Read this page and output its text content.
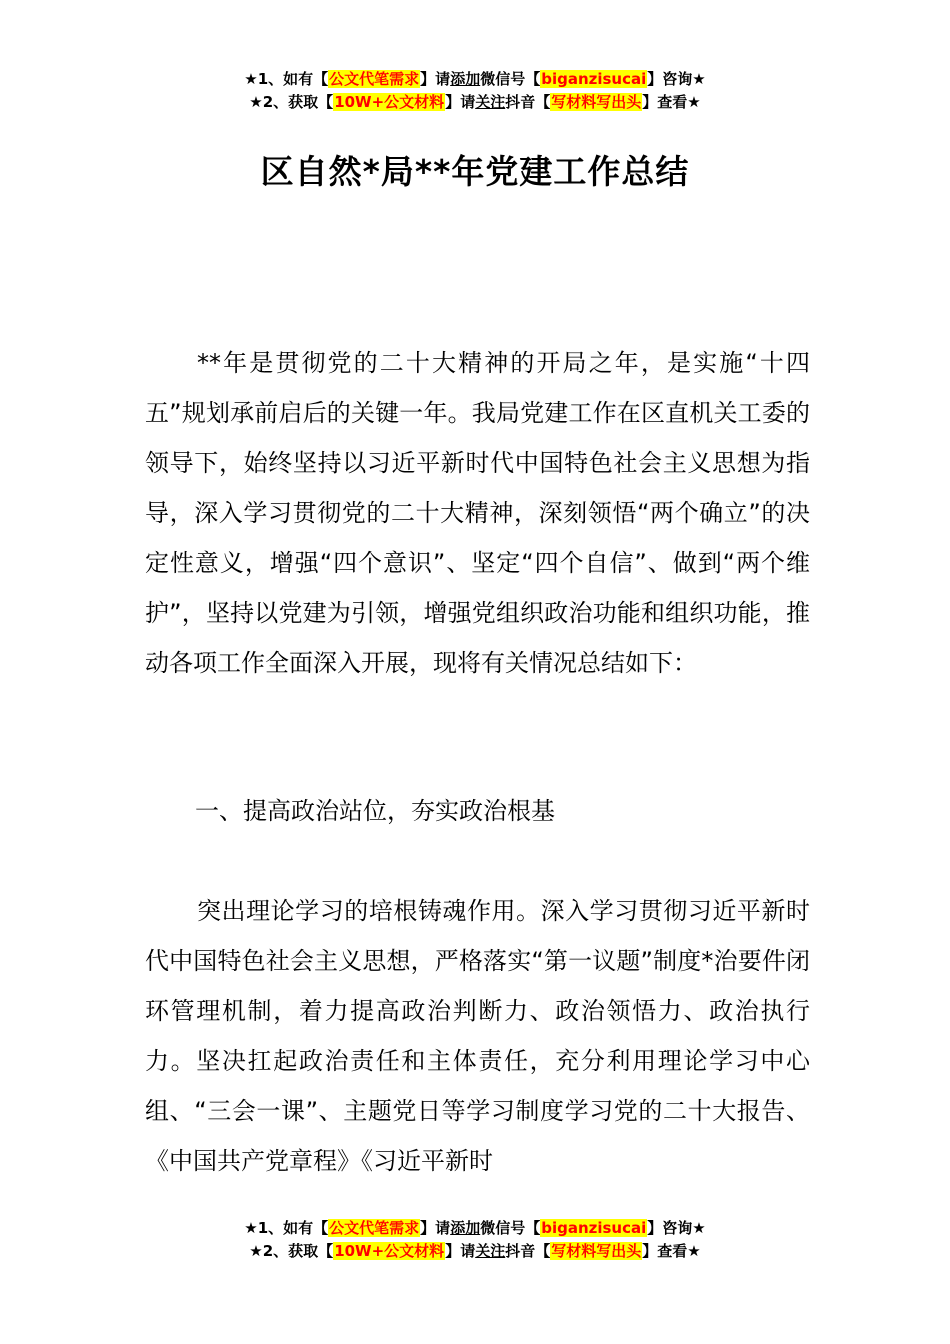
★1、如有【公文代笔需求】请添加微信号【biganzisucai】咨询★
★2、获取【10W+公文材料】请关注抖音【写材料写出头】查看★
区自然*局**年党建工作总结

**年是贯彻党的二十大精神的开局之年，是实施“十四五”规划承前启后的关键一年。我局党建工作在区直机关工委的领导下，始终坚持以习近平新时代中国特色社会主义思想为指导，深入学习贯彻党的二十大精神，深刻领悟“两个确立”的决定性意义，增强“四个意识”、坚定“四个自信”、做到“两个维护”，坚持以党建为引领，增强党组织政治功能和组织功能，推动各项工作全面深入开展，现将有关情况总结如下：

一、提高政治站位，夯实政治根基

突出理论学习的培根铸魂作用。深入学习贯彻习近平新时代中国特色社会主义思想，严格落实“第一议题”制度*治要件闭环管理机制，着力提高政治判断力、政治领悟力、政治执行力。坚决扛起政治责任和主体责任，充分利用理论学习中心组、“三会一课”、主题党日等学习制度学习党的二十大报告、《中国共产党章程》《习近平新时

★1、如有【公文代笔需求】请添加微信号【biganzisucai】咨询★
★2、获取【10W+公文材料】请关注抖音【写材料写出头】查看★
